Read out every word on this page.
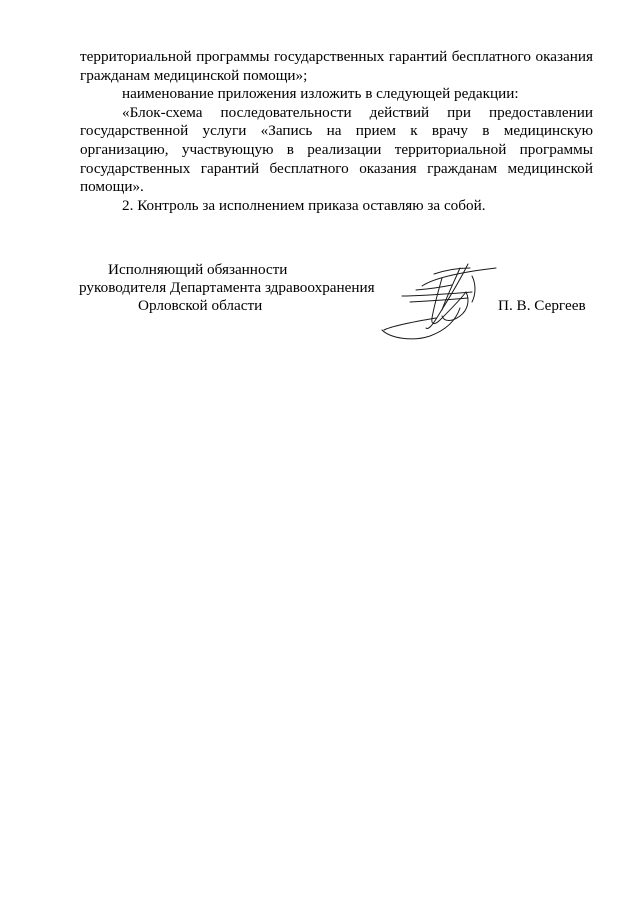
территориальной программы государственных гарантий бесплатного оказания гражданам медицинской помощи»;

наименование приложения изложить в следующей редакции:

«Блок-схема последовательности действий при предоставлении государственной услуги «Запись на прием к врачу в медицинскую организацию, участвующую в реализации территориальной программы государственных гарантий бесплатного оказания гражданам медицинской помощи».

2. Контроль за исполнением приказа оставляю за собой.

Исполняющий обязанности
руководителя Департамента здравоохранения
Орловской области	П. В. Сергеев
